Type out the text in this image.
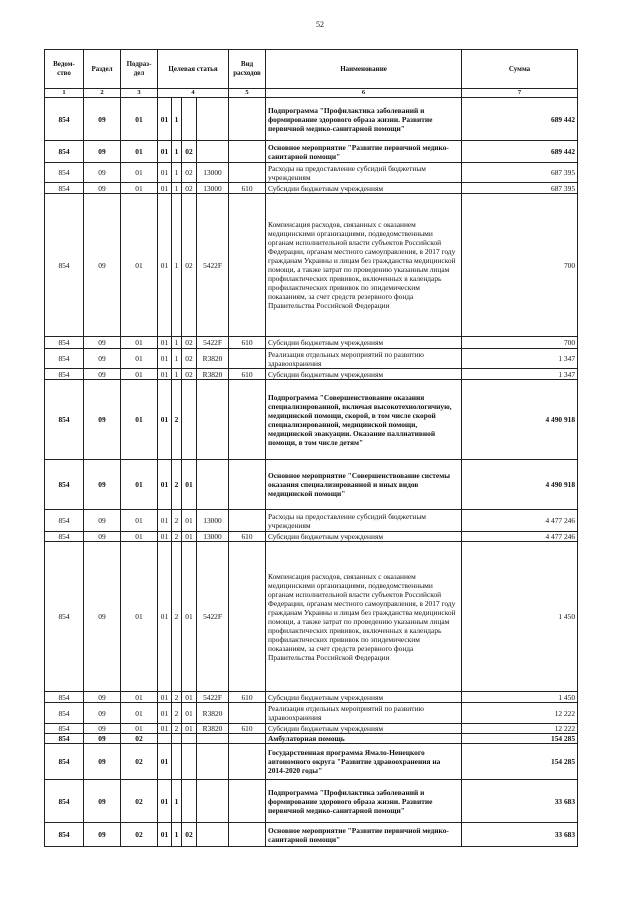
52
Ведом-ство	Раздел	Подраз-дел	Целевая статья				Вид расходов	Наименование	Сумма
1	2	3	4				5	6	7
854	09	01	01	1				Подпрограмма "Профилактика заболеваний и формирование здорового образа жизни. Развитие первичной медико-санитарной помощи"	689 442
854	09	01	01	1	02			Основное мероприятие "Развитие первичной медико-санитарной помощи"	689 442
854	09	01	01	1	02	13000		Расходы на предоставление субсидий бюджетным учреждениям	687 395
854	09	01	01	1	02	13000	610	Субсидии бюджетным учреждениям	687 395
854	09	01	01	1	02	5422F		Компенсация расходов, связанных с оказанием медицинскими организациями, подведомственными органам исполнительной власти субъектов Российской Федерации, органам местного самоуправления, в 2017 году гражданам Украины и лицам без гражданства медицинской помощи, а также затрат по проведению указанным лицам профилактических прививок, включенных в календарь профилактических прививок по эпидемическим показаниям, за счет средств резервного фонда Правительства Российской Федерации	700
854	09	01	01	1	02	5422F	610	Субсидии бюджетным учреждениям	700
854	09	01	01	1	02	R3820		Реализация отдельных мероприятий по развитию здравоохранения	1 347
854	09	01	01	1	02	R3820	610	Субсидии бюджетным учреждениям	1 347
854	09	01	01	2				Подпрограмма "Совершенствование оказания специализированной, включая высокотехнологичную, медицинской помощи, скорой, в том числе скорой специализированной, медицинской помощи, медицинской эвакуации. Оказание паллиативной помощи, в том числе детям"	4 490 918
854	09	01	01	2	01			Основное мероприятие "Совершенствование системы оказания специализированной и иных видов медицинской помощи"	4 490 918
854	09	01	01	2	01	13000		Расходы на предоставление субсидий бюджетным учреждениям	4 477 246
854	09	01	01	2	01	13000	610	Субсидии бюджетным учреждениям	4 477 246
854	09	01	01	2	01	5422F		Компенсация расходов, связанных с оказанием медицинскими организациями, подведомственными органам исполнительной власти субъектов Российской Федерации, органам местного самоуправления, в 2017 году гражданам Украины и лицам без гражданства медицинской помощи, а также затрат по проведению указанным лицам профилактических прививок, включенных в календарь профилактических прививок по эпидемическим показаниям, за счет средств резервного фонда Правительства Российской Федерации	1 450
854	09	01	01	2	01	5422F	610	Субсидии бюджетным учреждениям	1 450
854	09	01	01	2	01	R3820		Реализация отдельных мероприятий по развитию здравоохранения	12 222
854	09	01	01	2	01	R3820	610	Субсидии бюджетным учреждениям	12 222
854	09	02						Амбулаторная помощь	154 285
854	09	02	01					Государственная программа Ямало-Ненецкого автономного округа "Развитие здравоохранения на 2014-2020 годы"	154 285
854	09	02	01	1				Подпрограмма "Профилактика заболеваний и формирование здорового образа жизни. Развитие первичной медико-санитарной помощи"	33 683
854	09	02	01	1	02			Основное мероприятие "Развитие первичной медико-санитарной помощи"	33 683
